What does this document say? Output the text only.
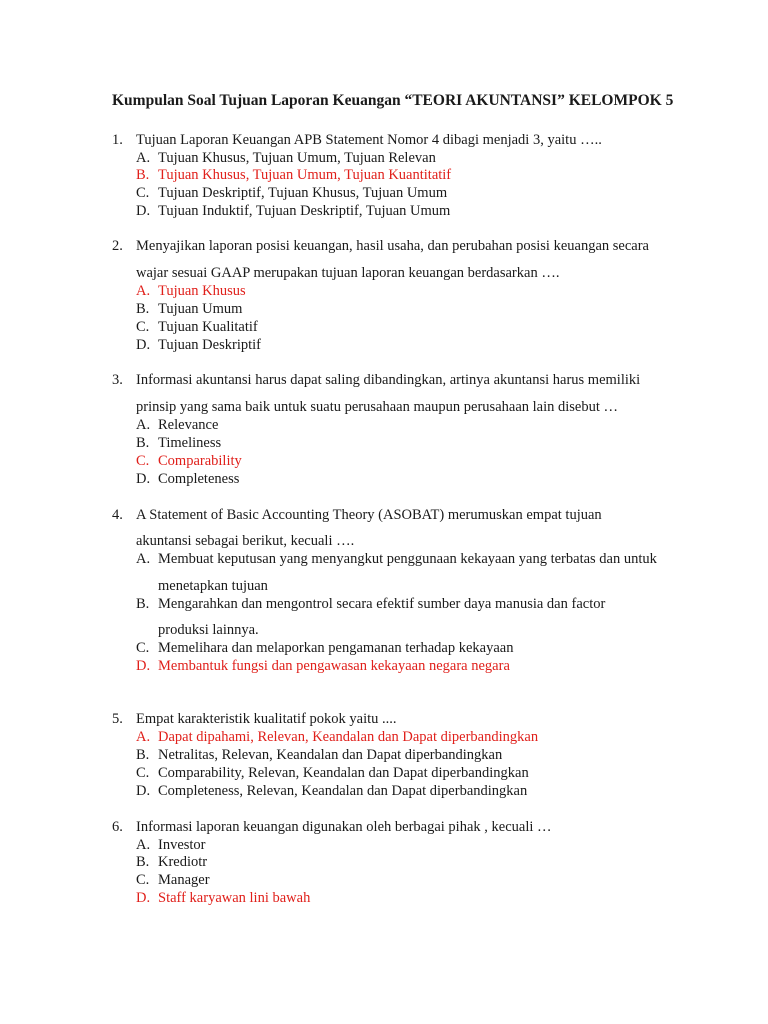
Kumpulan Soal Tujuan Laporan Keuangan “TEORI AKUNTANSI” KELOMPOK 5
1. Tujuan Laporan Keuangan APB Statement Nomor 4 dibagi menjadi 3, yaitu …..
A. Tujuan Khusus, Tujuan Umum, Tujuan Relevan
B. Tujuan Khusus, Tujuan Umum, Tujuan Kuantitatif
C. Tujuan Deskriptif, Tujuan Khusus, Tujuan Umum
D. Tujuan Induktif, Tujuan Deskriptif, Tujuan Umum
2. Menyajikan laporan posisi keuangan, hasil usaha, dan perubahan posisi keuangan secara
wajar sesuai GAAP merupakan tujuan laporan keuangan berdasarkan ….
A. Tujuan Khusus
B. Tujuan Umum
C. Tujuan Kualitatif
D. Tujuan Deskriptif
3. Informasi akuntansi harus dapat saling dibandingkan, artinya akuntansi harus memiliki
prinsip yang sama baik untuk suatu perusahaan maupun perusahaan lain disebut …
A. Relevance
B. Timeliness
C. Comparability
D. Completeness
4. A Statement of Basic Accounting Theory (ASOBAT) merumuskan empat tujuan
akuntansi sebagai berikut, kecuali ….
A. Membuat keputusan yang menyangkut penggunaan kekayaan yang terbatas dan untuk
menetapkan tujuan
B. Mengarahkan dan mengontrol secara efektif sumber daya manusia dan factor
produksi lainnya.
C. Memelihara dan melaporkan pengamanan terhadap kekayaan
D. Membantuk fungsi dan pengawasan kekayaan negara negara
5. Empat karakteristik kualitatif pokok yaitu ....
A. Dapat dipahami, Relevan, Keandalan dan Dapat diperbandingkan
B. Netralitas, Relevan, Keandalan dan Dapat diperbandingkan
C. Comparability, Relevan, Keandalan dan Dapat diperbandingkan
D. Completeness, Relevan, Keandalan dan Dapat diperbandingkan
6. Informasi laporan keuangan digunakan oleh berbagai pihak , kecuali …
A. Investor
B. Krediotr
C. Manager
D. Staff karyawan lini bawah
